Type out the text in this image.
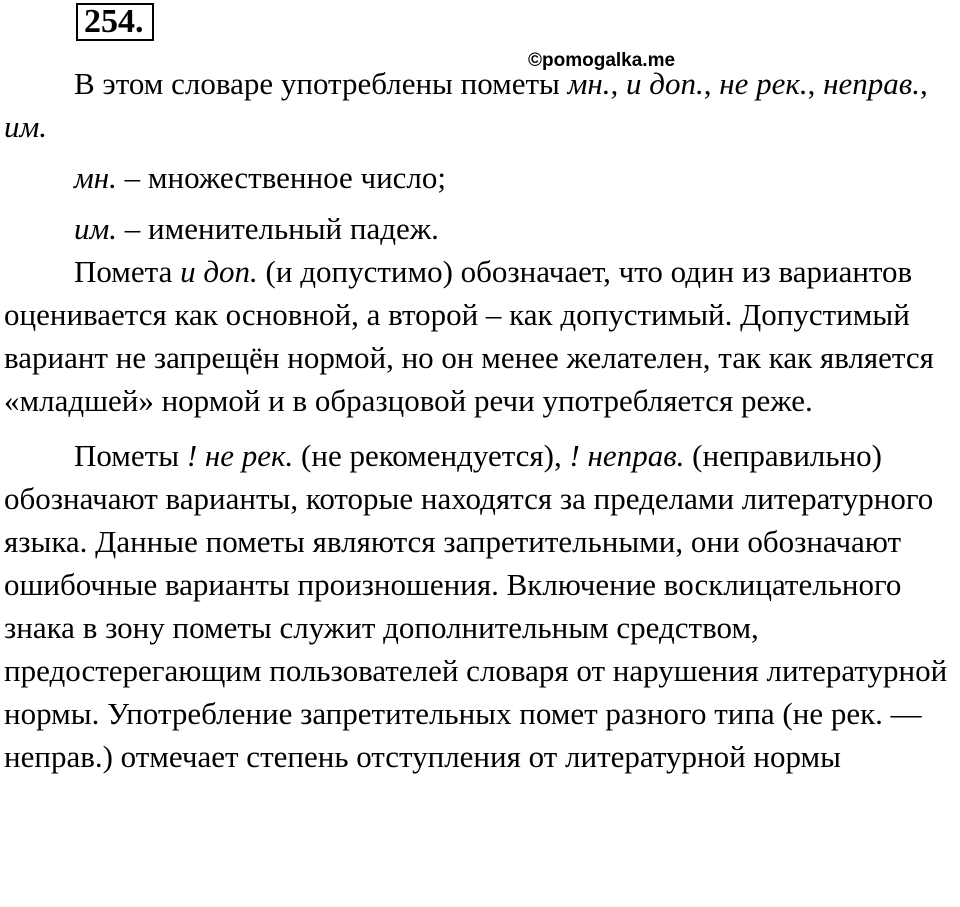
254.
©pomogalka.me

В этом словаре употреблены пометы мн., и доп., не рек., неправ., им.

мн. – множественное число;

им. – именительный падеж.

Помета и доп. (и допустимо) обозначает, что один из вариантов оценивается как основной, а второй – как допустимый. Допустимый вариант не запрещён нормой, но он менее желателен, так как является «младшей» нормой и в образцовой речи употребляется реже.

Пометы ! не рек. (не рекомендуется), ! неправ. (неправильно) обозначают варианты, которые находятся за пределами литературного языка. Данные пометы являются запретительными, они обозначают ошибочные варианты произношения. Включение восклицательного знака в зону пометы служит дополнительным средством, предостерегающим пользователей словаря от нарушения литературной нормы. Употребление запретительных помет разного типа (не рек. — неправ.) отмечает степень отступления от литературной нормы
